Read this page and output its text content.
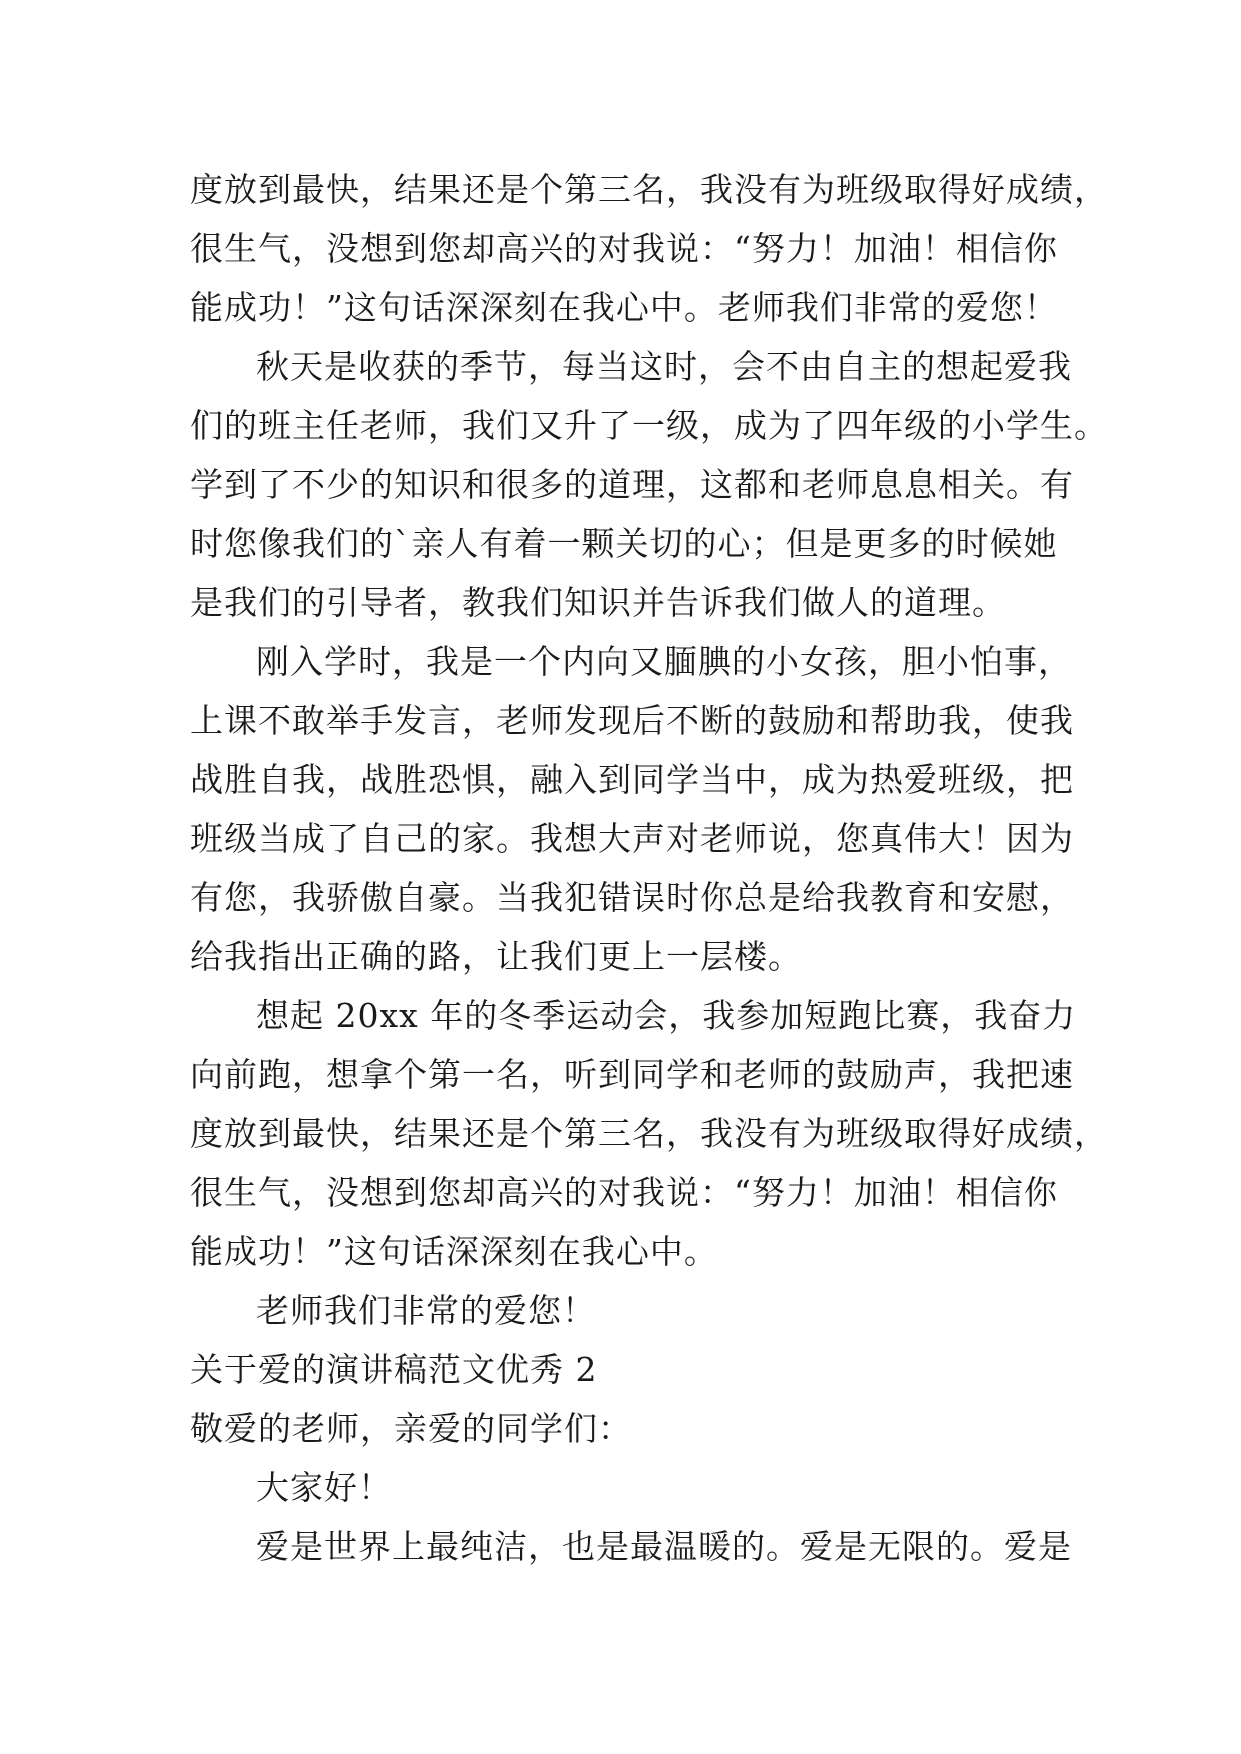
度放到最快，结果还是个第三名，我没有为班级取得好成绩，
很生气，没想到您却高兴的对我说：“努力！加油！相信你
能成功！”这句话深深刻在我心中。老师我们非常的爱您！
秋天是收获的季节，每当这时，会不由自主的想起爱我
们的班主任老师，我们又升了一级，成为了四年级的小学生。
学到了不少的知识和很多的道理，这都和老师息息相关。有
时您像我们的`亲人有着一颗关切的心；但是更多的时候她
是我们的引导者，教我们知识并告诉我们做人的道理。
刚入学时，我是一个内向又腼腆的小女孩，胆小怕事，
上课不敢举手发言，老师发现后不断的鼓励和帮助我，使我
战胜自我，战胜恐惧，融入到同学当中，成为热爱班级，把
班级当成了自己的家。我想大声对老师说，您真伟大！因为
有您，我骄傲自豪。当我犯错误时你总是给我教育和安慰，
给我指出正确的路，让我们更上一层楼。
想起 20xx 年的冬季运动会，我参加短跑比赛，我奋力
向前跑，想拿个第一名，听到同学和老师的鼓励声，我把速
度放到最快，结果还是个第三名，我没有为班级取得好成绩，
很生气，没想到您却高兴的对我说：“努力！加油！相信你
能成功！”这句话深深刻在我心中。
老师我们非常的爱您！
关于爱的演讲稿范文优秀 2
敬爱的老师，亲爱的同学们：
大家好！
爱是世界上最纯洁，也是最温暖的。爱是无限的。爱是
